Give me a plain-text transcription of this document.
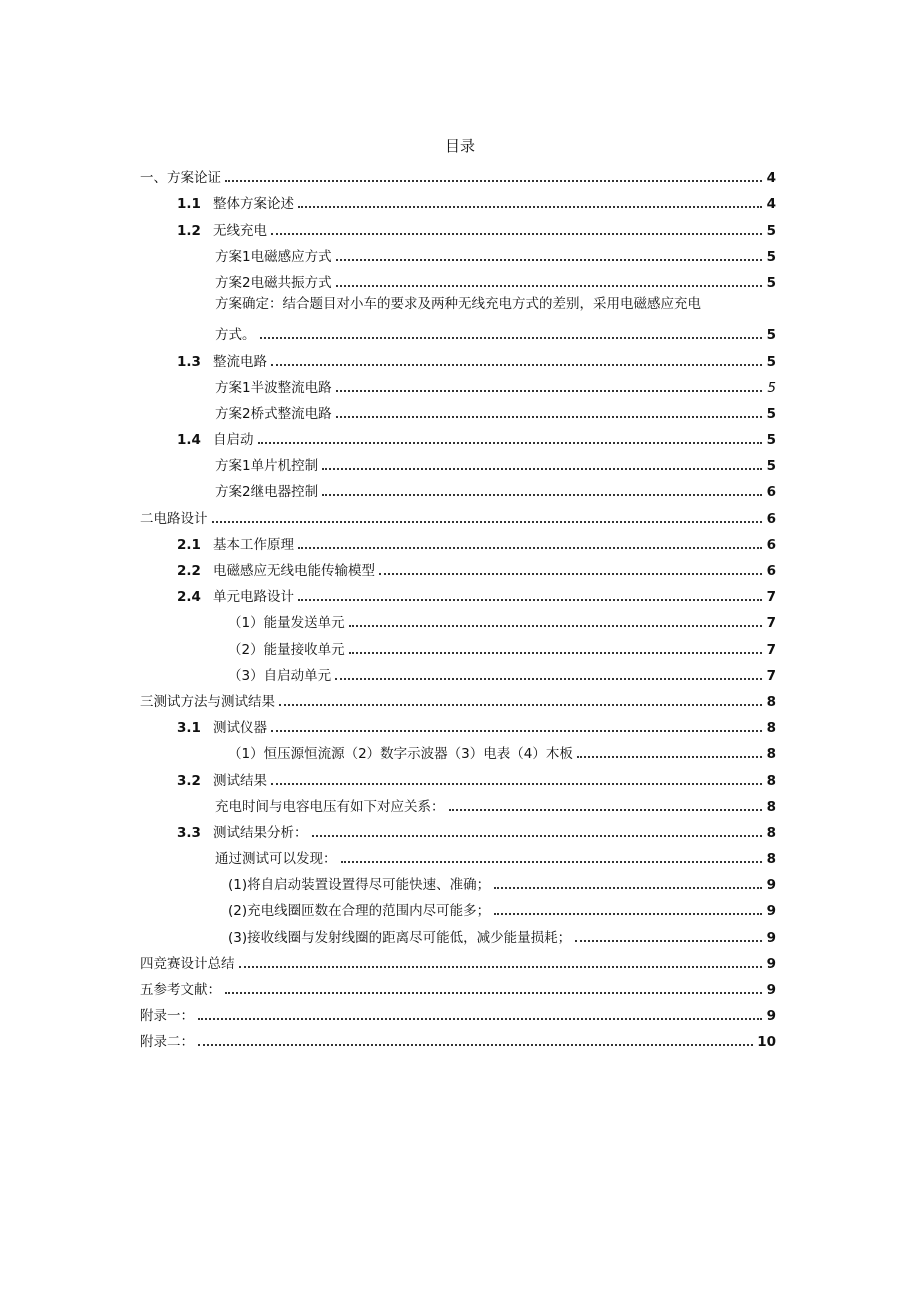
目录
一、方案论证	4
1.1 整体方案论述	4
1.2 无线充电	5
方案1电磁感应方式	5
方案2电磁共振方式	5
方案确定：结合题目对小车的要求及两种无线充电方式的差别，采用电磁感应充电
方式。	5
1.3 整流电路	5
方案1半波整流电路	5
方案2桥式整流电路	5
1.4 自启动	5
方案1单片机控制	5
方案2继电器控制	6
二电路设计	6
2.1 基本工作原理	6
2.2 电磁感应无线电能传输模型	6
2.4 单元电路设计	7
（1）能量发送单元	7
（2）能量接收单元	7
（3）自启动单元	7
三测试方法与测试结果	8
3.1 测试仪器	8
（1）恒压源恒流源（2）数字示波器（3）电表（4）木板	8
3.2 测试结果	8
充电时间与电容电压有如下对应关系：	8
3.3 测试结果分析：	8
通过测试可以发现：	8
(1)将自启动装置设置得尽可能快速、准确；	9
(2)充电线圈匝数在合理的范围内尽可能多；	9
(3)接收线圈与发射线圈的距离尽可能低，减少能量损耗；	9
四竞赛设计总结	9
五参考文献：	9
附录一：	9
附录二：	10
